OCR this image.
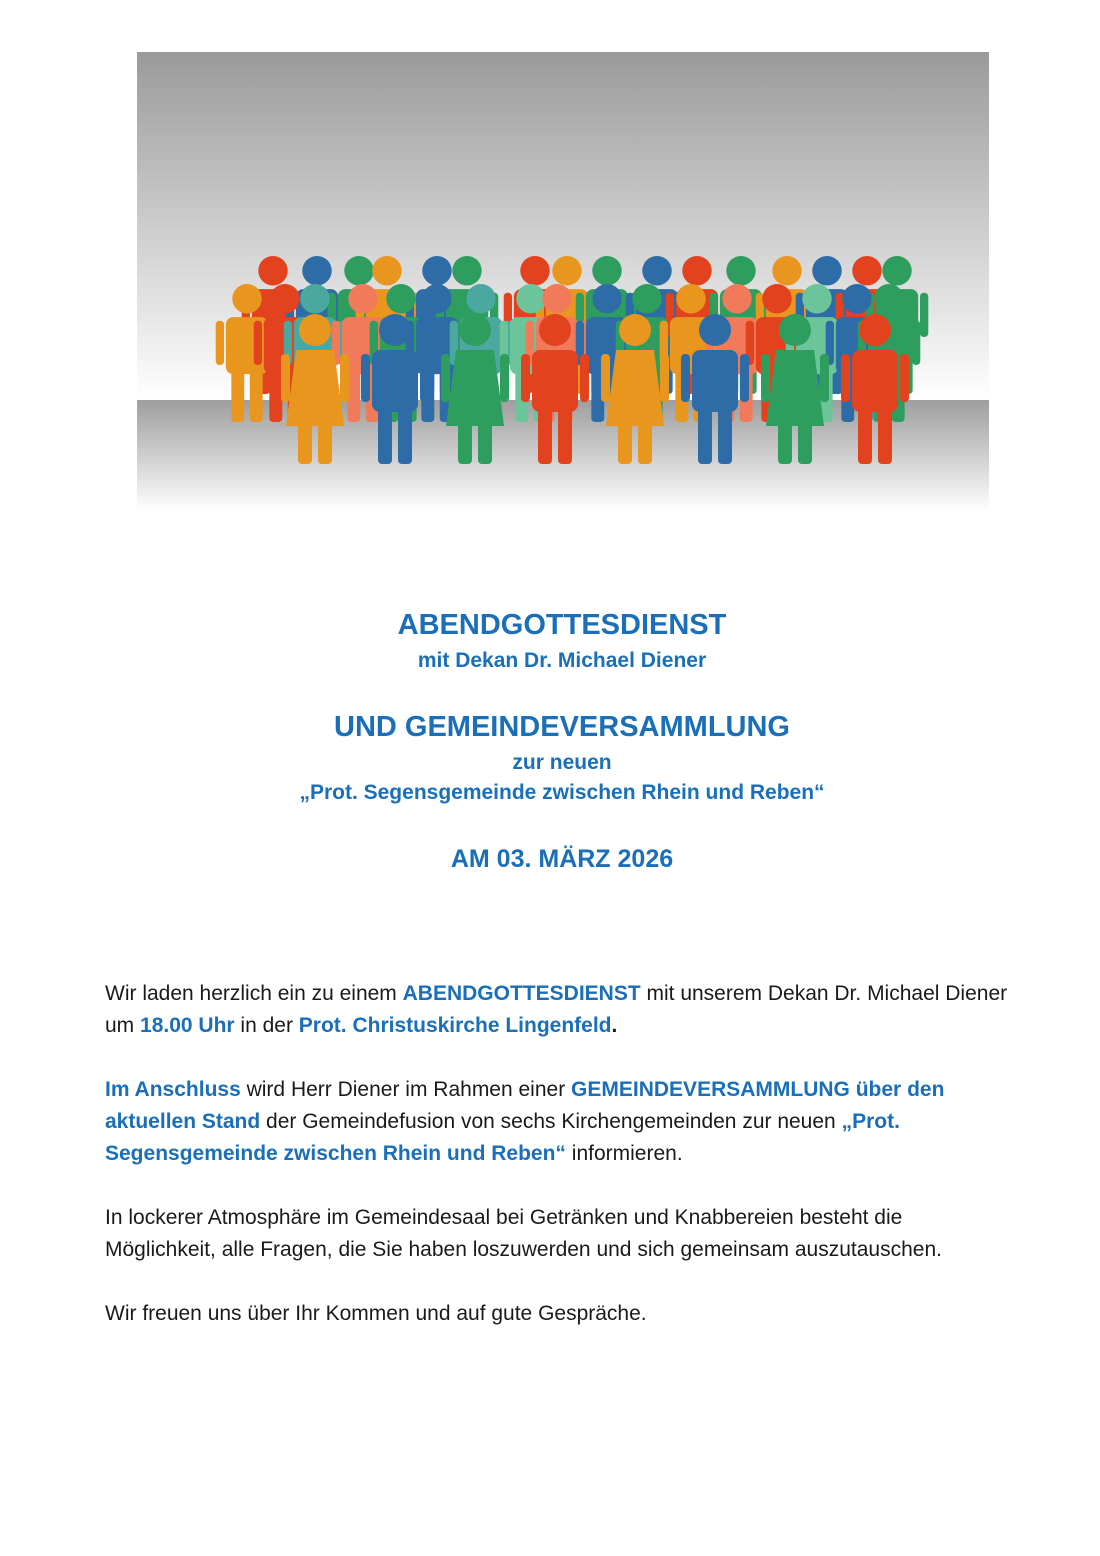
ABENDGOTTESDIENST

mit Dekan Dr. Michael Diener

UND GEMEINDEVERSAMMLUNG

zur neuen

„Prot. Segensgemeinde zwischen Rhein und Reben“

AM 03. MÄRZ 2026

Wir laden herzlich ein zu einem ABENDGOTTESDIENST mit unserem Dekan Dr. Michael Diener um 18.00 Uhr in der Prot. Christuskirche Lingenfeld.

Im Anschluss wird Herr Diener im Rahmen einer GEMEINDEVERSAMMLUNG über den aktuellen Stand der Gemeindefusion von sechs Kirchengemeinden zur neuen „Prot. Segensgemeinde zwischen Rhein und Reben“ informieren.

In lockerer Atmosphäre im Gemeindesaal bei Getränken und Knabbereien besteht die Möglichkeit, alle Fragen, die Sie haben loszuwerden und sich gemeinsam auszutauschen.

Wir freuen uns über Ihr Kommen und auf gute Gespräche.
